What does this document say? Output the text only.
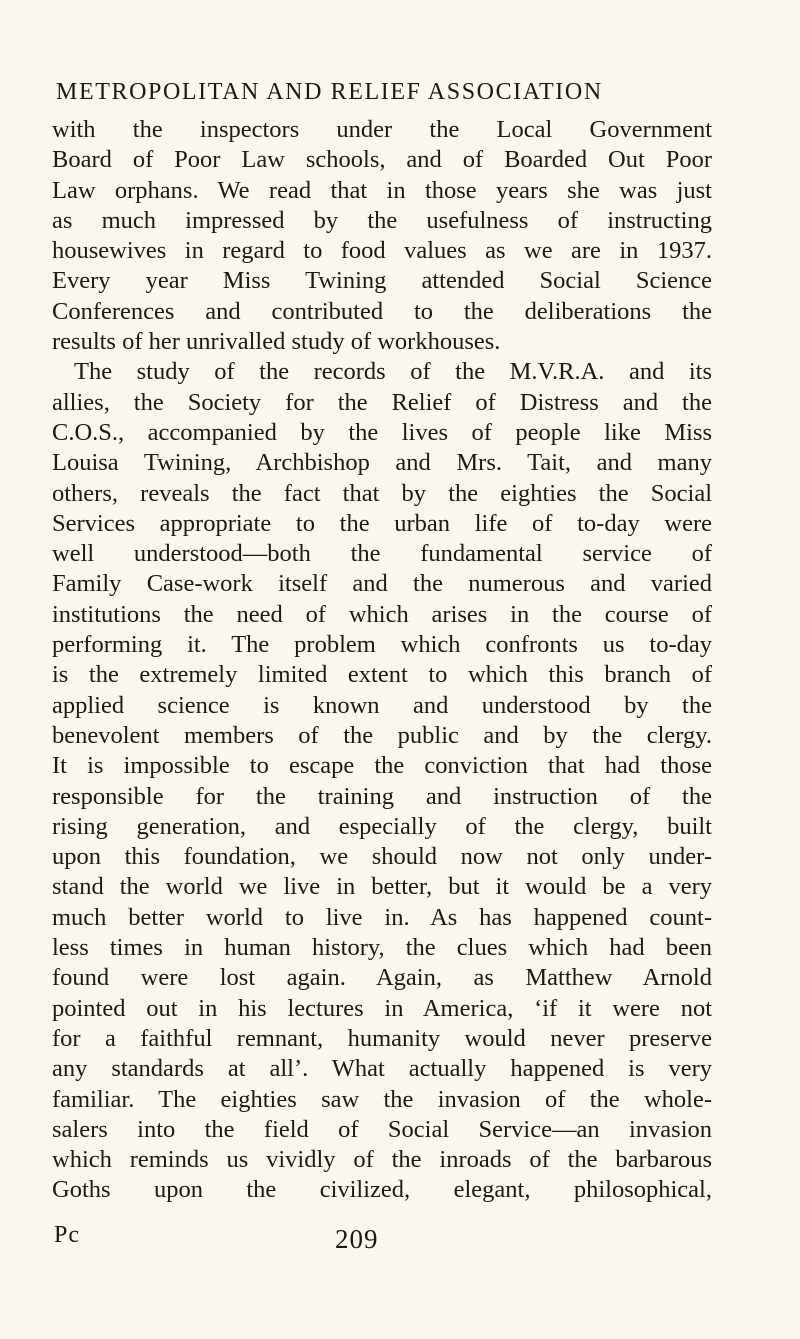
METROPOLITAN AND RELIEF ASSOCIATION
with the inspectors under the Local Government
Board of Poor Law schools, and of Boarded Out Poor
Law orphans. We read that in those years she was just
as much impressed by the usefulness of instructing
housewives in regard to food values as we are in 1937.
Every year Miss Twining attended Social Science
Conferences and contributed to the deliberations the
results of her unrivalled study of workhouses.
The study of the records of the M.V.R.A. and its
allies, the Society for the Relief of Distress and the
C.O.S., accompanied by the lives of people like Miss
Louisa Twining, Archbishop and Mrs. Tait, and many
others, reveals the fact that by the eighties the Social
Services appropriate to the urban life of to-day were
well understood—both the fundamental service of
Family Case-work itself and the numerous and varied
institutions the need of which arises in the course of
performing it. The problem which confronts us to-day
is the extremely limited extent to which this branch of
applied science is known and understood by the
benevolent members of the public and by the clergy.
It is impossible to escape the conviction that had those
responsible for the training and instruction of the
rising generation, and especially of the clergy, built
upon this foundation, we should now not only under-
stand the world we live in better, but it would be a very
much better world to live in. As has happened count-
less times in human history, the clues which had been
found were lost again. Again, as Matthew Arnold
pointed out in his lectures in America, ‘if it were not
for a faithful remnant, humanity would never preserve
any standards at all’. What actually happened is very
familiar. The eighties saw the invasion of the whole-
salers into the field of Social Service—an invasion
which reminds us vividly of the inroads of the barbarous
Goths upon the civilized, elegant, philosophical,
Pc	209
